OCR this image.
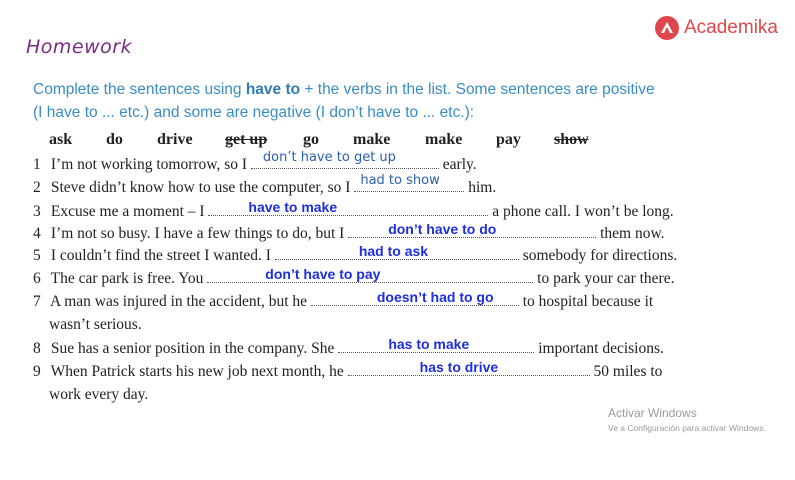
Homework
Academika
Complete the sentences using have to + the verbs in the list. Some sentences are positive
(I have to ... etc.) and some are negative (I don’t have to ... etc.):
ask do drive get up go make make pay show
1 I’m not working tomorrow, so I don’t have to get up	early.
2 Steve didn’t know how to use the computer, so I had to show him.
3 Excuse me a moment – I	have to make	a phone call. I won’t be long.
4 I’m not so busy. I have a few things to do, but I	don’t have to do	them now.
5 I couldn’t find the street I wanted. I	had to ask	somebody for directions.
6 The car park is free. You	don’t have to pay	to park your car there.
7 A man was injured in the accident, but he	doesn’t had to go to hospital because it
wasn’t serious.
8 Sue has a senior position in the company. She	has to make	important decisions.
9 When Patrick starts his new job next month, he	has to drive	50 miles to
work every day.
Activar Windows
Ve a Configuración para activar Windows.
